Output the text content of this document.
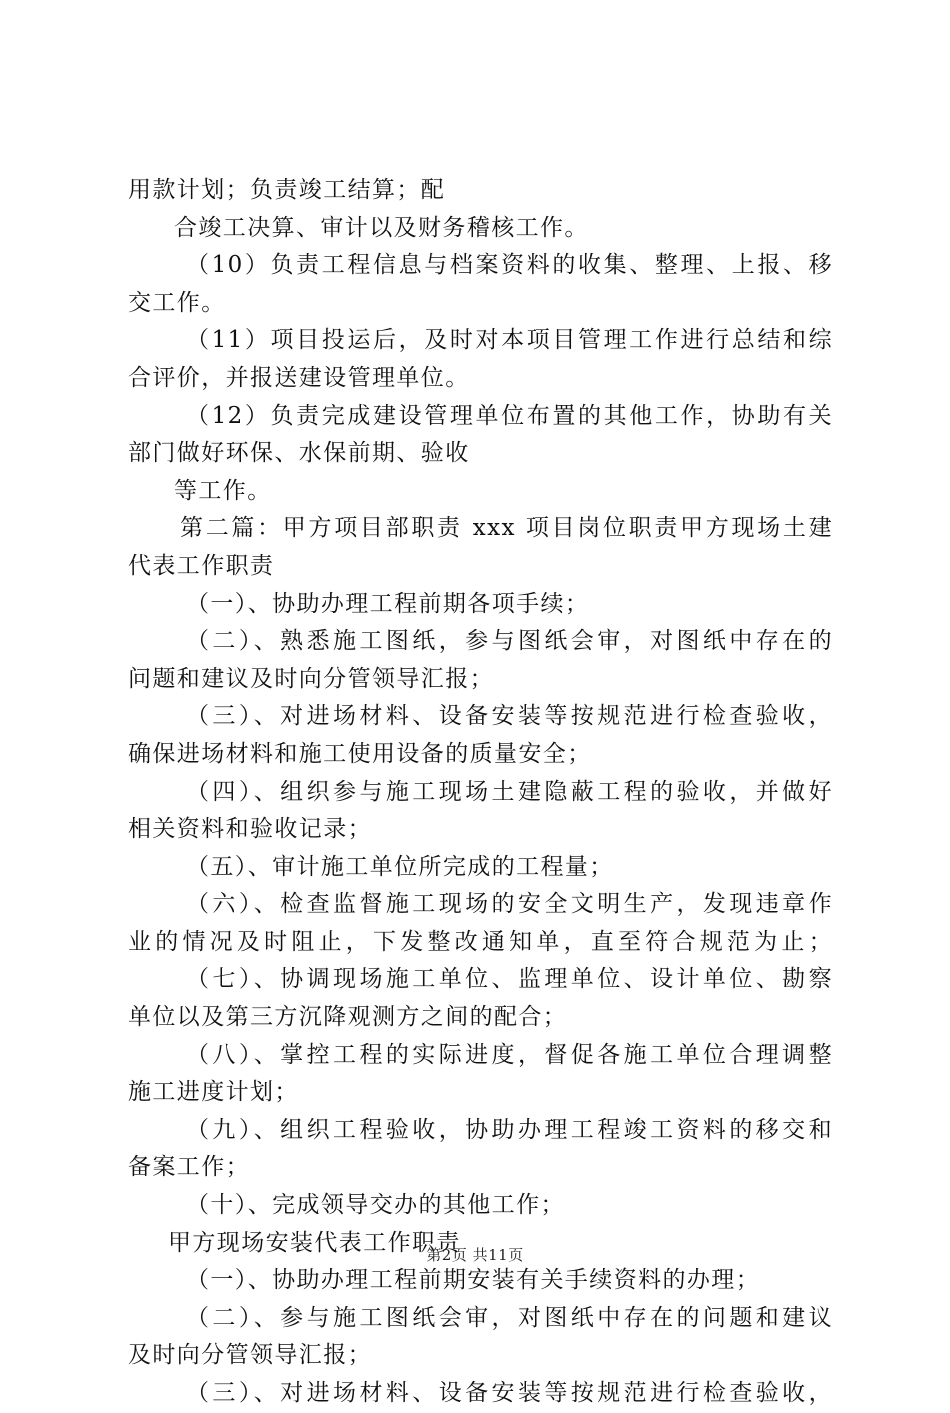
用款计划；负责竣工结算；配
合竣工决算、审计以及财务稽核工作。
（10）负责工程信息与档案资料的收集、整理、上报、移
交工作。
（11）项目投运后，及时对本项目管理工作进行总结和综
合评价，并报送建设管理单位。
（12）负责完成建设管理单位布置的其他工作，协助有关
部门做好环保、水保前期、验收
等工作。
第二篇：甲方项目部职责 xxx 项目岗位职责甲方现场土建
代表工作职责
（一）、协助办理工程前期各项手续；
（二）、熟悉施工图纸，参与图纸会审，对图纸中存在的
问题和建议及时向分管领导汇报；
（三）、对进场材料、设备安装等按规范进行检查验收，
确保进场材料和施工使用设备的质量安全；
（四）、组织参与施工现场土建隐蔽工程的验收，并做好
相关资料和验收记录；
（五）、审计施工单位所完成的工程量；
（六）、检查监督施工现场的安全文明生产，发现违章作
业的情况及时阻止，下发整改通知单，直至符合规范为止；
（七）、协调现场施工单位、监理单位、设计单位、勘察
单位以及第三方沉降观测方之间的配合；
（八）、掌控工程的实际进度，督促各施工单位合理调整
施工进度计划；
（九）、组织工程验收，协助办理工程竣工资料的移交和
备案工作；
（十）、完成领导交办的其他工作；
甲方现场安装代表工作职责
（一）、协助办理工程前期安装有关手续资料的办理；
（二）、参与施工图纸会审，对图纸中存在的问题和建议
及时向分管领导汇报；
（三）、对进场材料、设备安装等按规范进行检查验收，
第2页 共11页
